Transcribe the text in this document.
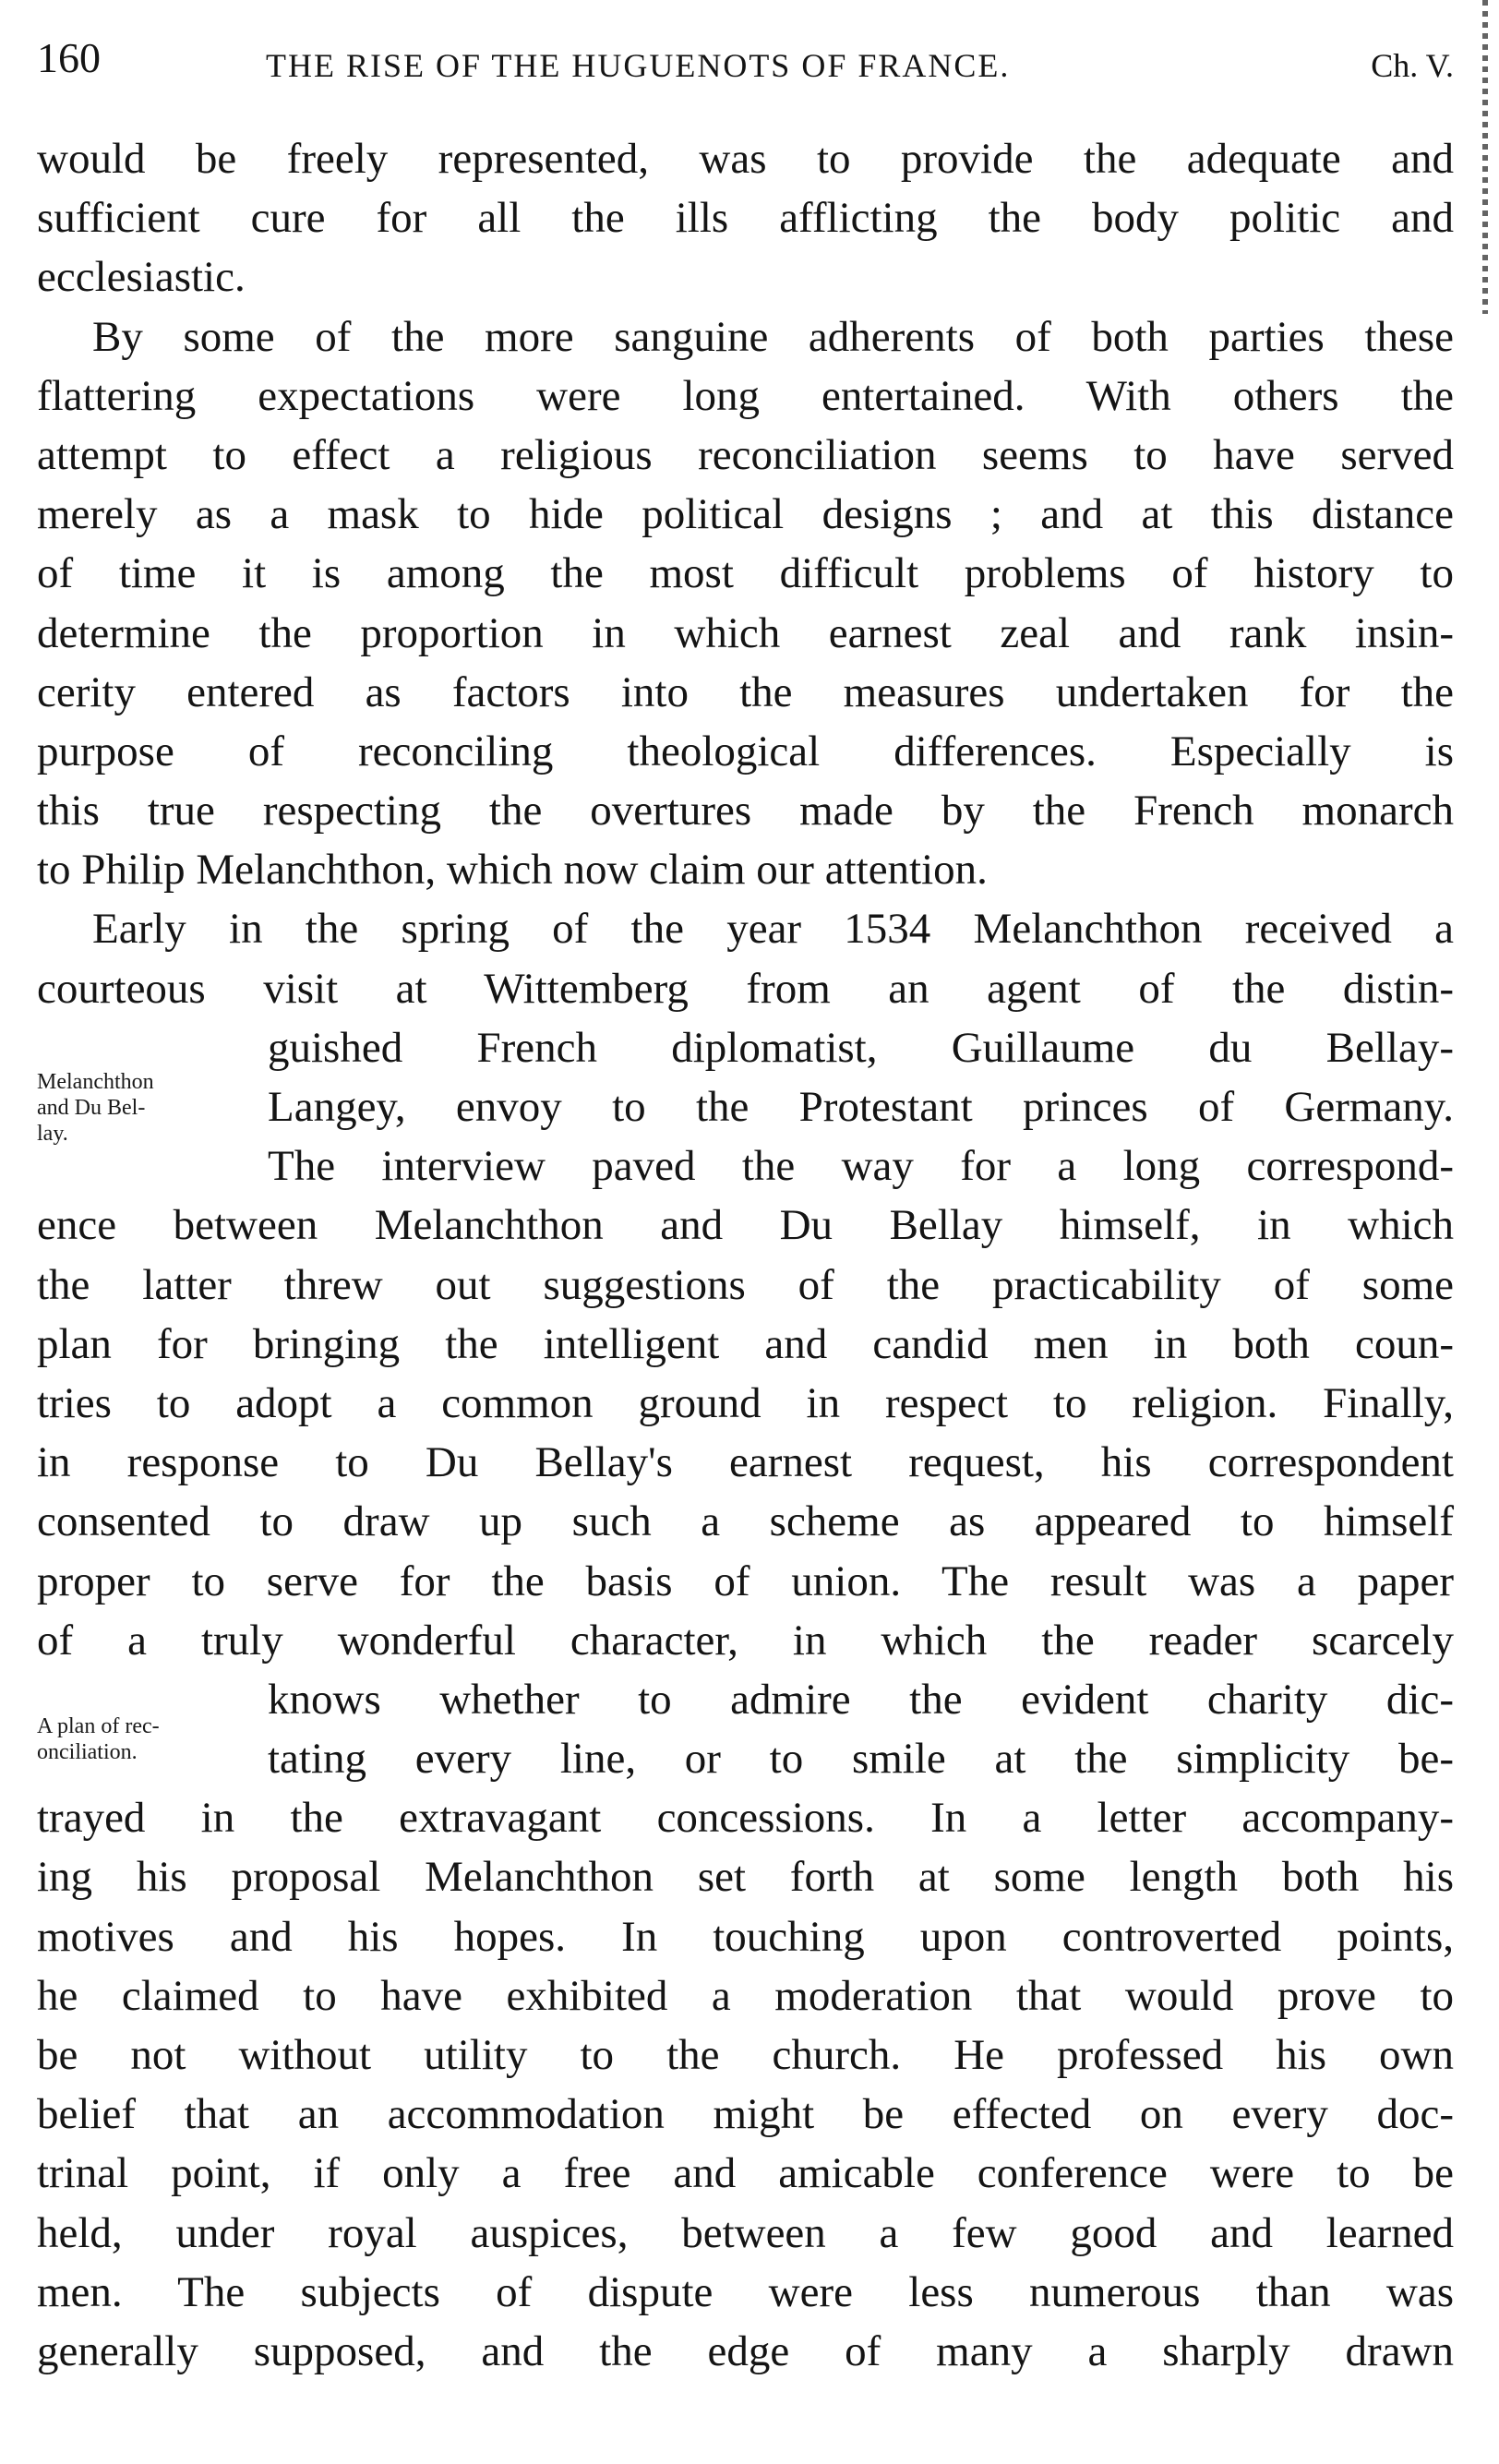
160	THE RISE OF THE HUGUENOTS OF FRANCE.	Ch. V.
Melanchthon
and Du Bel-
lay.
A plan of rec-
onciliation.
would be freely represented, was to provide the adequate and
sufficient cure for all the ills afflicting the body politic and
ecclesiastic.
By some of the more sanguine adherents of both parties these
flattering expectations were long entertained. With others the
attempt to effect a religious reconciliation seems to have served
merely as a mask to hide political designs ; and at this distance
of time it is among the most difficult problems of history to
determine the proportion in which earnest zeal and rank insin-
cerity entered as factors into the measures undertaken for the
purpose of reconciling theological differences. Especially is
this true respecting the overtures made by the French monarch
to Philip Melanchthon, which now claim our attention.
Early in the spring of the year 1534 Melanchthon received a
courteous visit at Wittemberg from an agent of the distin-
guished French diplomatist, Guillaume du Bellay-
Langey, envoy to the Protestant princes of Germany.
The interview paved the way for a long correspond-
ence between Melanchthon and Du Bellay himself, in which
the latter threw out suggestions of the practicability of some
plan for bringing the intelligent and candid men in both coun-
tries to adopt a common ground in respect to religion. Finally,
in response to Du Bellay's earnest request, his correspondent
consented to draw up such a scheme as appeared to himself
proper to serve for the basis of union. The result was a paper
of a truly wonderful character, in which the reader scarcely
knows whether to admire the evident charity dic-
tating every line, or to smile at the simplicity be-
trayed in the extravagant concessions. In a letter accompany-
ing his proposal Melanchthon set forth at some length both his
motives and his hopes. In touching upon controverted points,
he claimed to have exhibited a moderation that would prove to
be not without utility to the church. He professed his own
belief that an accommodation might be effected on every doc-
trinal point, if only a free and amicable conference were to be
held, under royal auspices, between a few good and learned
men. The subjects of dispute were less numerous than was
generally supposed, and the edge of many a sharply drawn
